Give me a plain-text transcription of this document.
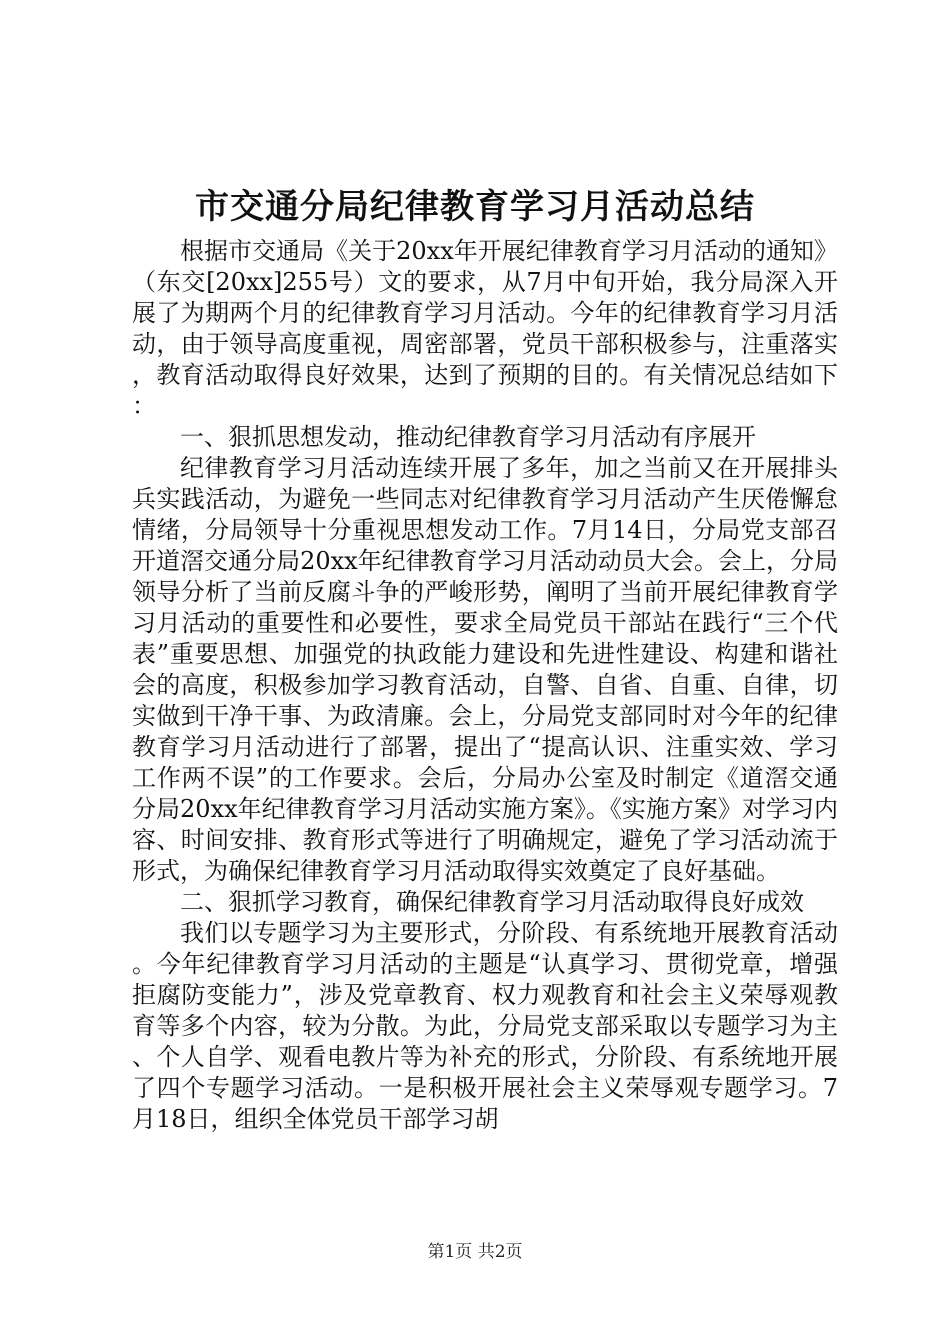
市交通分局纪律教育学习月活动总结

根据市交通局《关于20xx年开展纪律教育学习月活动的通知》（东交[20xx]255号）文的要求，从7月中旬开始，我分局深入开展了为期两个月的纪律教育学习月活动。今年的纪律教育学习月活动，由于领导高度重视，周密部署，党员干部积极参与，注重落实，教育活动取得良好效果，达到了预期的目的。有关情况总结如下：

一、狠抓思想发动，推动纪律教育学习月活动有序展开

纪律教育学习月活动连续开展了多年，加之当前又在开展排头兵实践活动，为避免一些同志对纪律教育学习月活动产生厌倦懈怠情绪，分局领导十分重视思想发动工作。7月14日，分局党支部召开道滘交通分局20xx年纪律教育学习月活动动员大会。会上，分局领导分析了当前反腐斗争的严峻形势，阐明了当前开展纪律教育学习月活动的重要性和必要性，要求全局党员干部站在践行“三个代表”重要思想、加强党的执政能力建设和先进性建设、构建和谐社会的高度，积极参加学习教育活动，自警、自省、自重、自律，切实做到干净干事、为政清廉。会上，分局党支部同时对今年的纪律教育学习月活动进行了部署，提出了“提高认识、注重实效、学习工作两不误”的工作要求。会后，分局办公室及时制定《道滘交通分局20xx年纪律教育学习月活动实施方案》。《实施方案》对学习内容、时间安排、教育形式等进行了明确规定，避免了学习活动流于形式，为确保纪律教育学习月活动取得实效奠定了良好基础。

二、狠抓学习教育，确保纪律教育学习月活动取得良好成效

我们以专题学习为主要形式，分阶段、有系统地开展教育活动。今年纪律教育学习月活动的主题是“认真学习、贯彻党章，增强拒腐防变能力”，涉及党章教育、权力观教育和社会主义荣辱观教育等多个内容，较为分散。为此，分局党支部采取以专题学习为主、个人自学、观看电教片等为补充的形式，分阶段、有系统地开展了四个专题学习活动。一是积极开展社会主义荣辱观专题学习。7月18日，组织全体党员干部学习胡

第1页 共2页
